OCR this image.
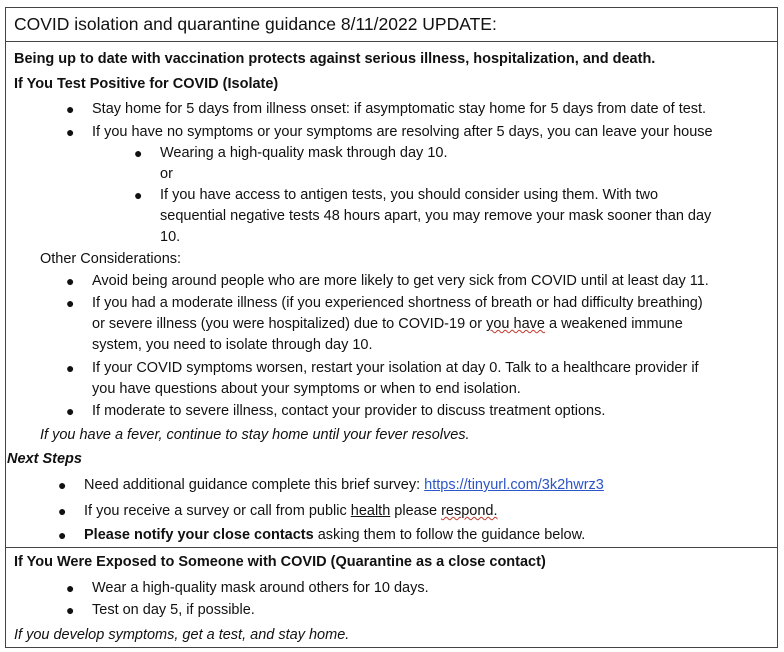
COVID isolation and quarantine guidance 8/11/2022 UPDATE:
Being up to date with vaccination protects against serious illness, hospitalization, and death.
If You Test Positive for COVID (Isolate)
● Stay home for 5 days from illness onset: if asymptomatic stay home for 5 days from date of test.
● If you have no symptoms or your symptoms are resolving after 5 days, you can leave your house
● Wearing a high-quality mask through day 10.
or
● If you have access to antigen tests, you should consider using them. With two
sequential negative tests 48 hours apart, you may remove your mask sooner than day
10.
Other Considerations:
● Avoid being around people who are more likely to get very sick from COVID until at least day 11.
● If you had a moderate illness (if you experienced shortness of breath or had difficulty breathing)
or severe illness (you were hospitalized) due to COVID-19 or you have a weakened immune
system, you need to isolate through day 10.
● If your COVID symptoms worsen, restart your isolation at day 0. Talk to a healthcare provider if
you have questions about your symptoms or when to end isolation.
● If moderate to severe illness, contact your provider to discuss treatment options.
If you have a fever, continue to stay home until your fever resolves.
Next Steps
● Need additional guidance complete this brief survey: https://tinyurl.com/3k2hwrz3
● If you receive a survey or call from public health please respond.
● Please notify your close contacts asking them to follow the guidance below.
If You Were Exposed to Someone with COVID (Quarantine as a close contact)
● Wear a high-quality mask around others for 10 days.
● Test on day 5, if possible.
If you develop symptoms, get a test, and stay home.
